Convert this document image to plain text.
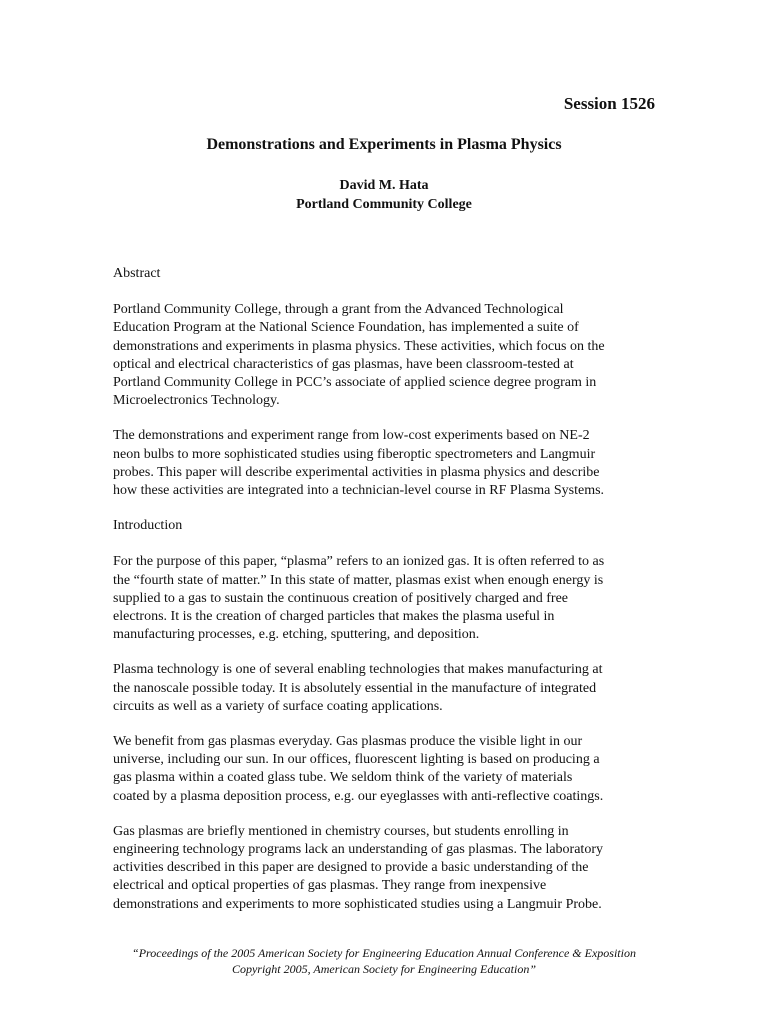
Session 1526
Demonstrations and Experiments in Plasma Physics
David M. Hata
Portland Community College

Abstract

Portland Community College, through a grant from the Advanced Technological
Education Program at the National Science Foundation, has implemented a suite of
demonstrations and experiments in plasma physics. These activities, which focus on the
optical and electrical characteristics of gas plasmas, have been classroom-tested at
Portland Community College in PCC’s associate of applied science degree program in
Microelectronics Technology.

The demonstrations and experiment range from low-cost experiments based on NE-2
neon bulbs to more sophisticated studies using fiberoptic spectrometers and Langmuir
probes. This paper will describe experimental activities in plasma physics and describe
how these activities are integrated into a technician-level course in RF Plasma Systems.

Introduction

For the purpose of this paper, “plasma” refers to an ionized gas. It is often referred to as
the “fourth state of matter.” In this state of matter, plasmas exist when enough energy is
supplied to a gas to sustain the continuous creation of positively charged and free
electrons. It is the creation of charged particles that makes the plasma useful in
manufacturing processes, e.g. etching, sputtering, and deposition.

Plasma technology is one of several enabling technologies that makes manufacturing at
the nanoscale possible today. It is absolutely essential in the manufacture of integrated
circuits as well as a variety of surface coating applications.

We benefit from gas plasmas everyday. Gas plasmas produce the visible light in our
universe, including our sun. In our offices, fluorescent lighting is based on producing a
gas plasma within a coated glass tube. We seldom think of the variety of materials
coated by a plasma deposition process, e.g. our eyeglasses with anti-reflective coatings.

Gas plasmas are briefly mentioned in chemistry courses, but students enrolling in
engineering technology programs lack an understanding of gas plasmas. The laboratory
activities described in this paper are designed to provide a basic understanding of the
electrical and optical properties of gas plasmas. They range from inexpensive
demonstrations and experiments to more sophisticated studies using a Langmuir Probe.

“Proceedings of the 2005 American Society for Engineering Education Annual Conference & Exposition
Copyright 2005, American Society for Engineering Education”
